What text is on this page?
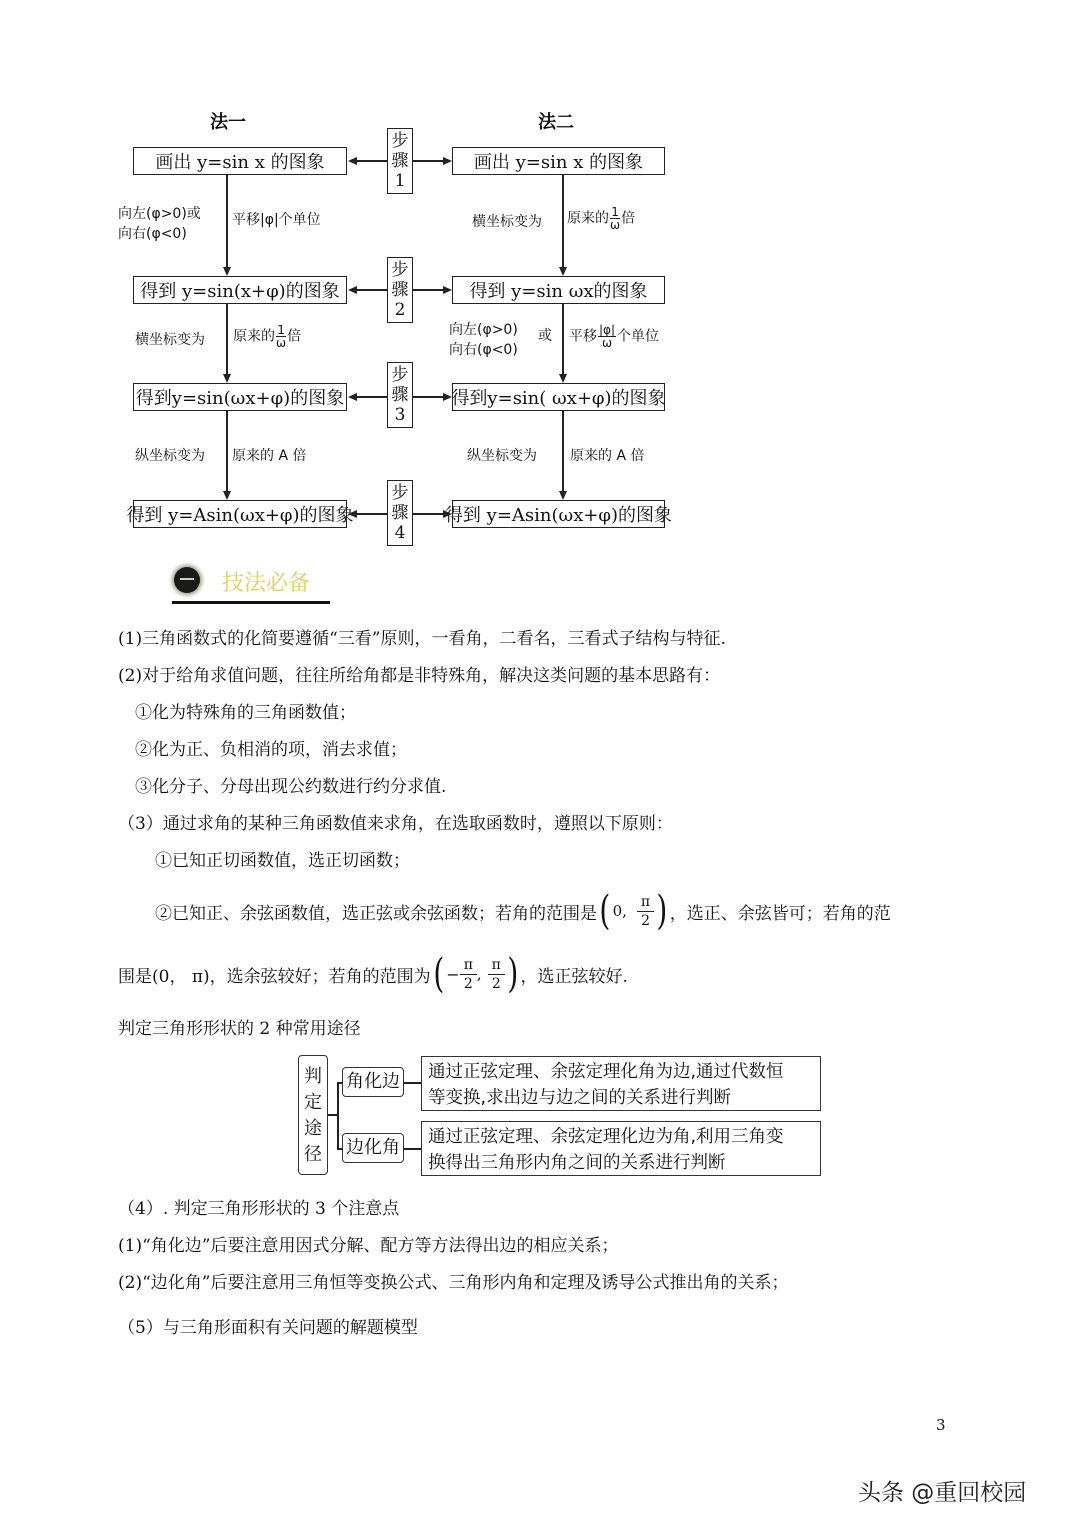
法一	法二
画出 y=sin x 的图象
得到 y=sin(x+φ)的图象
得到y=sin(ωx+φ)的图象
得到 y=Asin(ωx+φ)的图象
画出 y=sin x 的图象
得到 y=sin ωx的图象
得到y=sin( ωx+φ)的图象
得到 y=Asin(ωx+φ)的图象
步
骤
1
步
骤
2
步
骤
3
步
骤
4
向左(φ>0)或
向右(φ<0)
平移|φ|个单位
横坐标变为 原来的 $\frac{1}{\omega}$ 倍
纵坐标变为 原来的 A 倍
横坐标变为 原来的 $\frac{1}{\omega}$ 倍
向左(φ>0)
向右(φ<0)
或 平移 $\frac{|\varphi|}{\omega}$ 个单位
纵坐标变为 原来的 A 倍
技法必备
(1)三角函数式的化简要遵循“三看”原则，一看角，二看名，三看式子结构与特征.
(2)对于给角求值问题，往往所给角都是非特殊角，解决这类问题的基本思路有：
①化为特殊角的三角函数值；
②化为正、负相消的项，消去求值；
③化分子、分母出现公约数进行约分求值.
（3）通过求角的某种三角函数值来求角，在选取函数时，遵照以下原则：
①已知正切函数值，选正切函数；
②已知正、余弦函数值，选正弦或余弦函数；若角的范围是 ( 0, $\frac{\pi}{2}$ ) ，选正、余弦皆可；若角的范
围是(0， π)，选余弦较好；若角的范围为 ( − $\frac{\pi}{2}$ , $\frac{\pi}{2}$ ) ，选正弦较好.
判定三角形形状的 2 种常用途径
判
定
途
径
角化边
边化角
通过正弦定理、余弦定理化角为边,通过代数恒
等变换,求出边与边之间的关系进行判断
通过正弦定理、余弦定理化边为角,利用三角变
换得出三角形内角之间的关系进行判断
（4）. 判定三角形形状的 3 个注意点
(1)“角化边”后要注意用因式分解、配方等方法得出边的相应关系；
(2)“边化角”后要注意用三角恒等变换公式、三角形内角和定理及诱导公式推出角的关系；
（5）与三角形面积有关问题的解题模型
3
头条 @重回校园
